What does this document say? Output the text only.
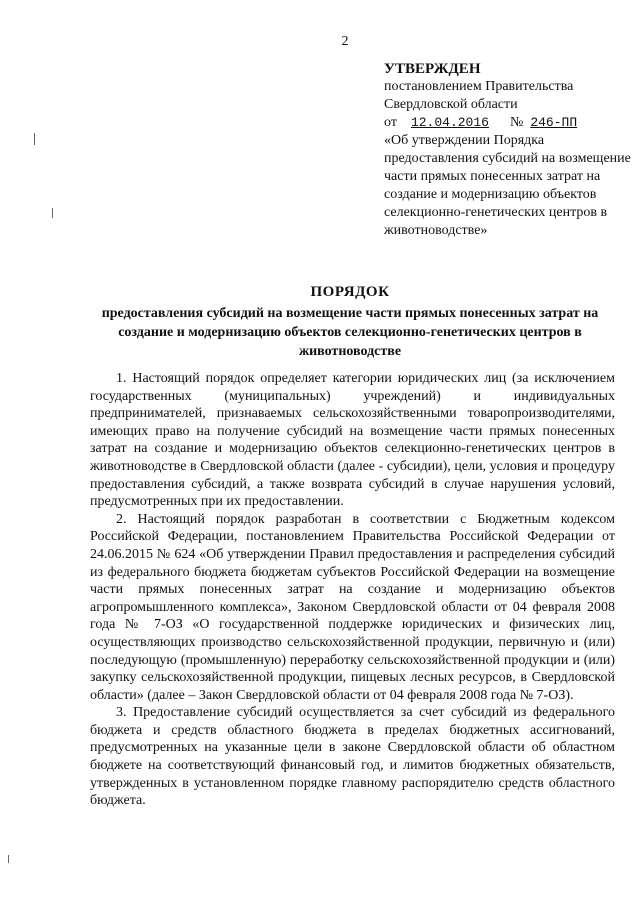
2
УТВЕРЖДЕН
постановлением Правительства
Свердловской области
от 12.04.2016 № 246-ПП
«Об утверждении Порядка предоставления субсидий на возмещение части прямых понесенных затрат на создание и модернизацию объектов селекционно-генетических центров в животноводстве»
ПОРЯДОК
предоставления субсидий на возмещение части прямых понесенных затрат на создание и модернизацию объектов селекционно-генетических центров в животноводстве

1. Настоящий порядок определяет категории юридических лиц (за исключением государственных (муниципальных) учреждений) и индивидуальных предпринимателей, признаваемых сельскохозяйственными товаропроизводителями, имеющих право на получение субсидий на возмещение части прямых понесенных затрат на создание и модернизацию объектов селекционно-генетических центров в животноводстве в Свердловской области (далее - субсидии), цели, условия и процедуру предоставления субсидий, а также возврата субсидий в случае нарушения условий, предусмотренных при их предоставлении.

2. Настоящий порядок разработан в соответствии с Бюджетным кодексом Российской Федерации, постановлением Правительства Российской Федерации от 24.06.2015 № 624 «Об утверждении Правил предоставления и распределения субсидий из федерального бюджета бюджетам субъектов Российской Федерации на возмещение части прямых понесенных затрат на создание и модернизацию объектов агропромышленного комплекса», Законом Свердловской области от 04 февраля 2008 года № 7-ОЗ «О государственной поддержке юридических и физических лиц, осуществляющих производство сельскохозяйственной продукции, первичную и (или) последующую (промышленную) переработку сельскохозяйственной продукции и (или) закупку сельскохозяйственной продукции, пищевых лесных ресурсов, в Свердловской области» (далее – Закон Свердловской области от 04 февраля 2008 года № 7-ОЗ).

3. Предоставление субсидий осуществляется за счет субсидий из федерального бюджета и средств областного бюджета в пределах бюджетных ассигнований, предусмотренных на указанные цели в законе Свердловской области об областном бюджете на соответствующий финансовый год, и лимитов бюджетных обязательств, утвержденных в установленном порядке главному распорядителю средств областного бюджета.
